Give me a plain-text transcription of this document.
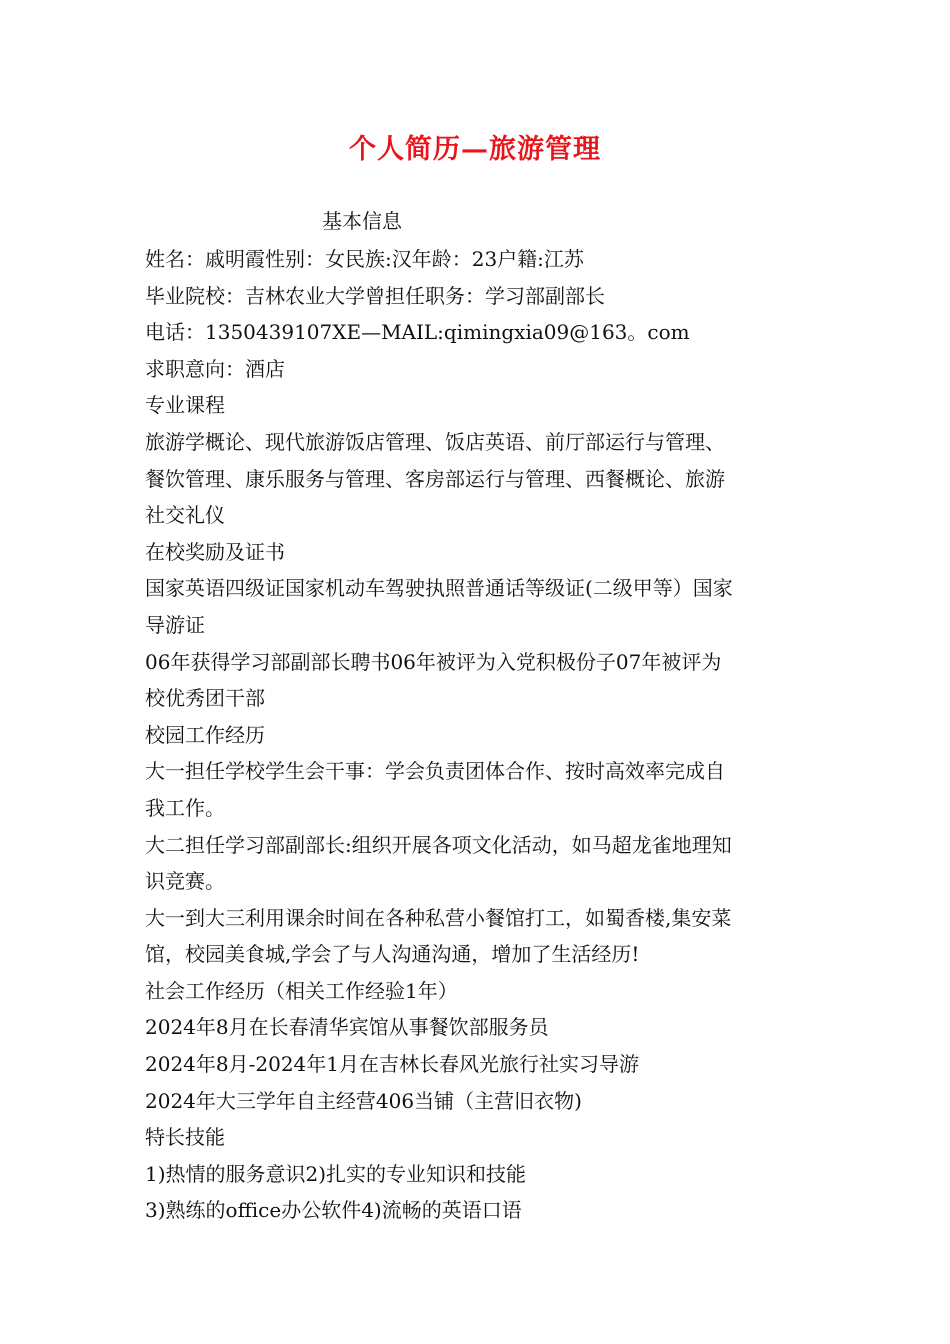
个人简历—旅游管理
基本信息
姓名：戚明霞性别：女民族:汉年龄：23户籍:江苏
毕业院校：吉林农业大学曾担任职务：学习部副部长
电话：1350439107XE—MAIL:qimingxia09@163。com
求职意向：酒店
专业课程
旅游学概论、现代旅游饭店管理、饭店英语、前厅部运行与管理、
餐饮管理、康乐服务与管理、客房部运行与管理、西餐概论、旅游
社交礼仪
在校奖励及证书
国家英语四级证国家机动车驾驶执照普通话等级证(二级甲等）国家
导游证
06年获得学习部副部长聘书06年被评为入党积极份子07年被评为
校优秀团干部
校园工作经历
大一担任学校学生会干事：学会负责团体合作、按时高效率完成自
我工作。
大二担任学习部副部长:组织开展各项文化活动，如马超龙雀地理知
识竞赛。
大一到大三利用课余时间在各种私营小餐馆打工，如蜀香楼,集安菜
馆，校园美食城,学会了与人沟通沟通，增加了生活经历!
社会工作经历（相关工作经验1年）
2024年8月在长春清华宾馆从事餐饮部服务员
2024年8月-2024年1月在吉林长春风光旅行社实习导游
2024年大三学年自主经营406当铺（主营旧衣物)
特长技能
1)热情的服务意识2)扎实的专业知识和技能
3)熟练的office办公软件4)流畅的英语口语
